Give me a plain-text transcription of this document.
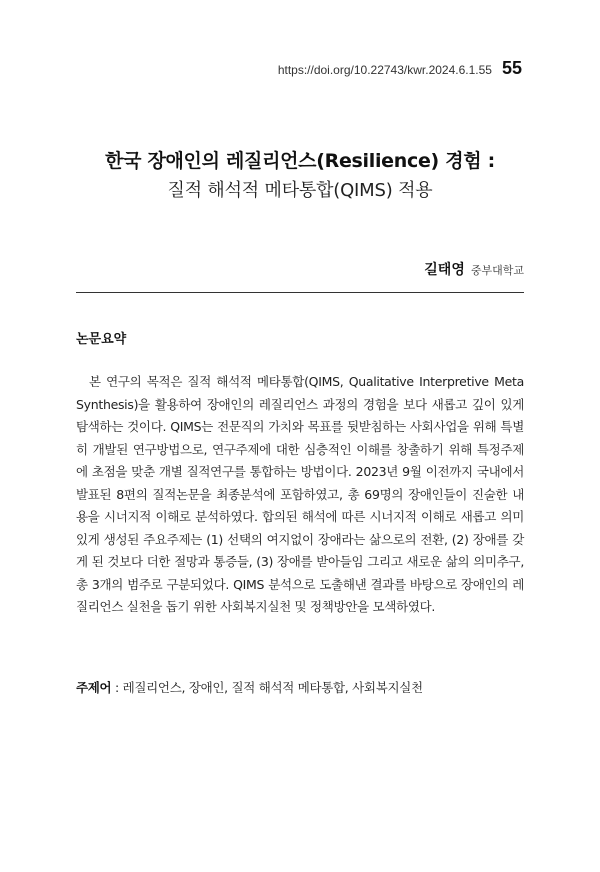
https://doi.org/10.22743/kwr.2024.6.1.55 55
한국 장애인의 레질리언스(Resilience) 경험 :
질적 해석적 메타통합(QIMS) 적용
길태영 중부대학교
논문요약
본 연구의 목적은 질적 해석적 메타통합(QIMS, Qualitative Interpretive Meta Synthesis)을 활용하여 장애인의 레질리언스 과정의 경험을 보다 새롭고 깊이 있게 탐색하는 것이다. QIMS는 전문직의 가치와 목표를 뒷받침하는 사회사업을 위해 특별히 개발된 연구방법으로, 연구주제에 대한 심층적인 이해를 창출하기 위해 특정주제에 초점을 맞춘 개별 질적연구를 통합하는 방법이다. 2023년 9월 이전까지 국내에서 발표된 8편의 질적논문을 최종분석에 포함하였고, 총 69명의 장애인들이 진술한 내용을 시너지적 이해로 분석하였다. 합의된 해석에 따른 시너지적 이해로 새롭고 의미 있게 생성된 주요주제는 (1) 선택의 여지없이 장애라는 삶으로의 전환, (2) 장애를 갖게 된 것보다 더한 절망과 통증들, (3) 장애를 받아들임 그리고 새로운 삶의 의미추구, 총 3개의 범주로 구분되었다. QIMS 분석으로 도출해낸 결과를 바탕으로 장애인의 레질리언스 실천을 돕기 위한 사회복지실천 및 정책방안을 모색하였다.
주제어 : 레질리언스, 장애인, 질적 해석적 메타통합, 사회복지실천
